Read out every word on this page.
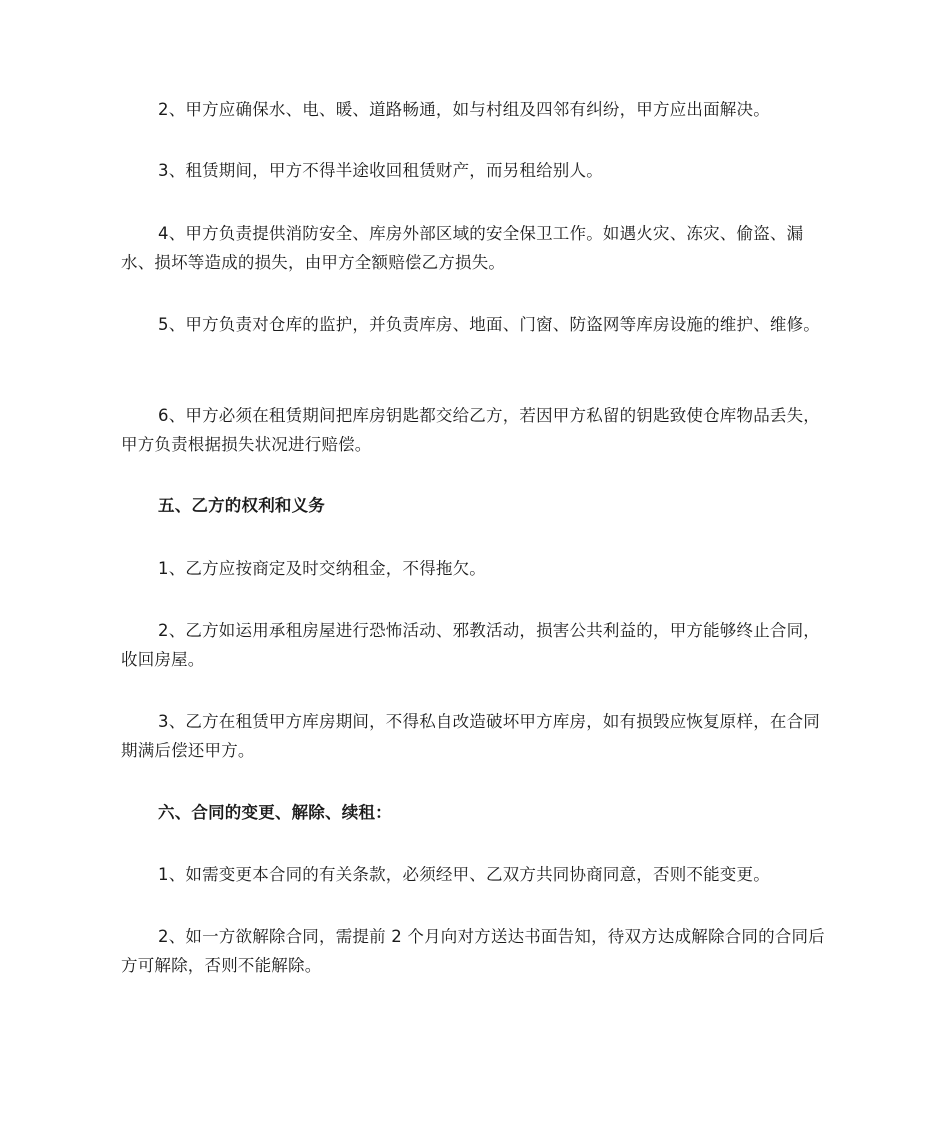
2、甲方应确保水、电、暖、道路畅通，如与村组及四邻有纠纷，甲方应出面解决。
3、租赁期间，甲方不得半途收回租赁财产，而另租给别人。
4、甲方负责提供消防安全、库房外部区域的安全保卫工作。如遇火灾、冻灾、偷盗、漏水、损坏等造成的损失，由甲方全额赔偿乙方损失。
5、甲方负责对仓库的监护，并负责库房、地面、门窗、防盗网等库房设施的维护、维修。
6、甲方必须在租赁期间把库房钥匙都交给乙方，若因甲方私留的钥匙致使仓库物品丢失，甲方负责根据损失状况进行赔偿。
五、乙方的权利和义务
1、乙方应按商定及时交纳租金，不得拖欠。
2、乙方如运用承租房屋进行恐怖活动、邪教活动，损害公共利益的，甲方能够终止合同，收回房屋。
3、乙方在租赁甲方库房期间，不得私自改造破坏甲方库房，如有损毁应恢复原样，在合同期满后偿还甲方。
六、合同的变更、解除、续租：
1、如需变更本合同的有关条款，必须经甲、乙双方共同协商同意，否则不能变更。
2、如一方欲解除合同，需提前 2 个月向对方送达书面告知，待双方达成解除合同的合同后方可解除，否则不能解除。
